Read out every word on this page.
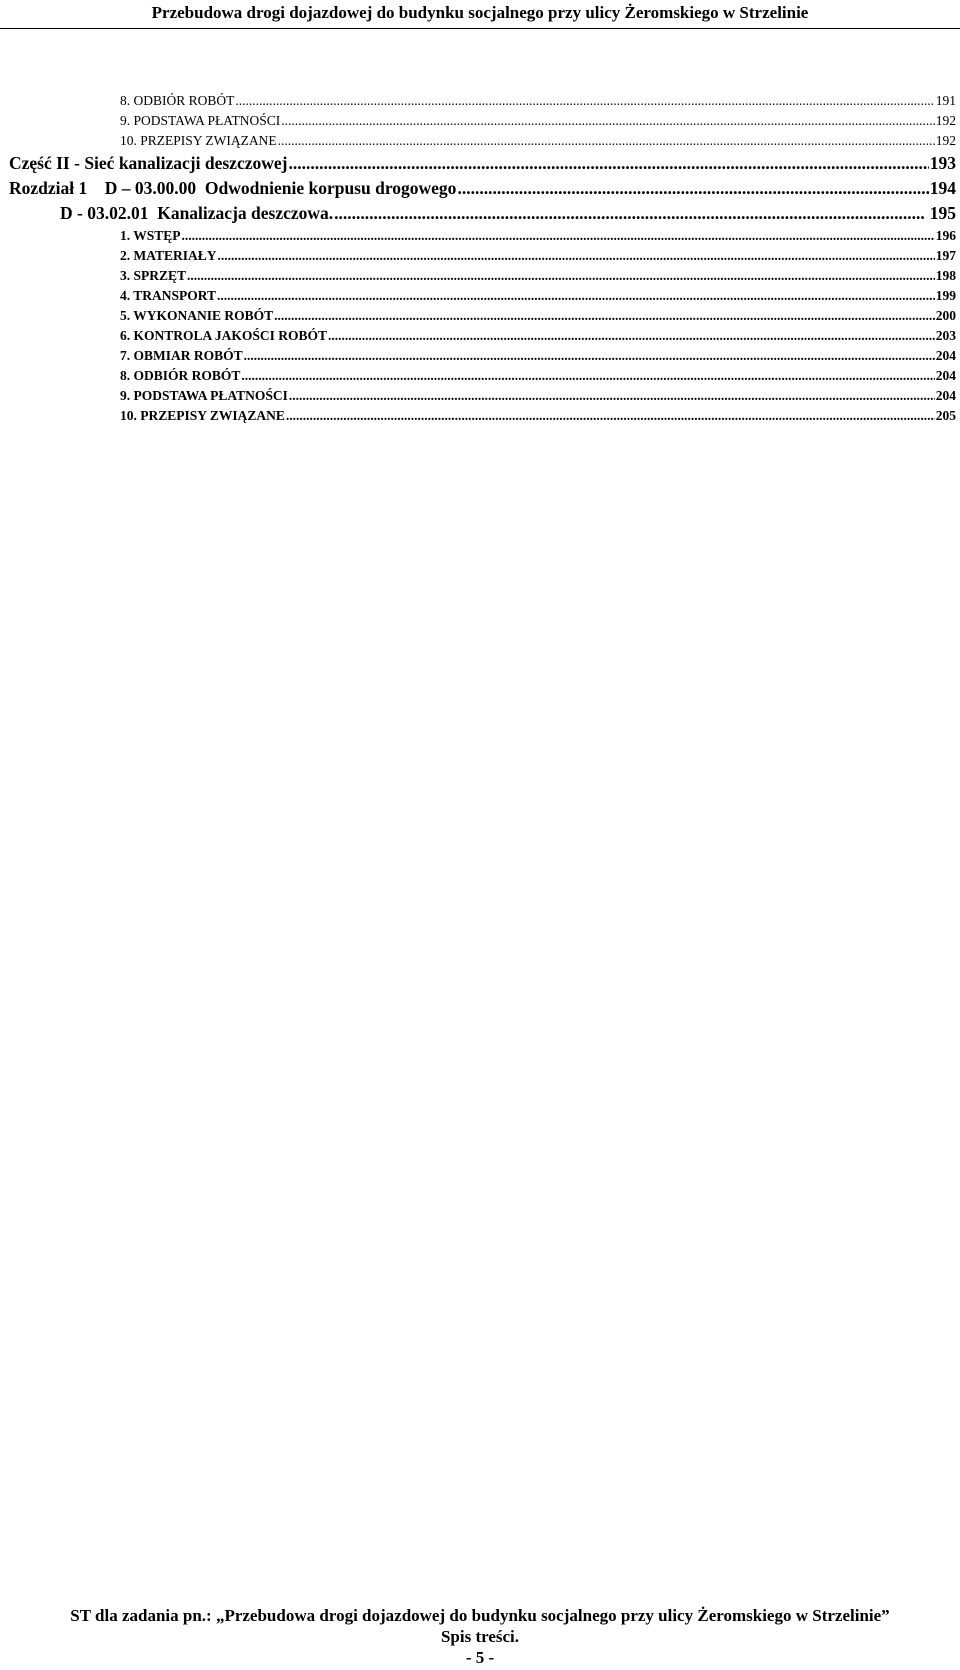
Przebudowa drogi dojazdowej do budynku socjalnego przy ulicy Żeromskiego w Strzelinie
8. ODBIÓR ROBÓT .....	191
9. PODSTAWA PŁATNOŚCI .....	192
10. PRZEPISY ZWIĄZANE .....	192
Część II - Sieć kanalizacji deszczowej .....	193
Rozdział 1    D – 03.00.00  Odwodnienie korpusu drogowego .....	194
D - 03.02.01  Kanalizacja deszczowa. .....	195
1. WSTĘP .....	196
2. MATERIAŁY .....	197
3. SPRZĘT .....	198
4. TRANSPORT .....	199
5. WYKONANIE ROBÓT .....	200
6. KONTROLA JAKOŚCI ROBÓT .....	203
7. OBMIAR ROBÓT .....	204
8. ODBIÓR ROBÓT .....	204
9. PODSTAWA PŁATNOŚCI .....	204
10. PRZEPISY ZWIĄZANE .....	205
ST dla zadania pn.: „Przebudowa drogi dojazdowej do budynku socjalnego przy ulicy Żeromskiego w Strzelinie”
Spis treści.
- 5 -
